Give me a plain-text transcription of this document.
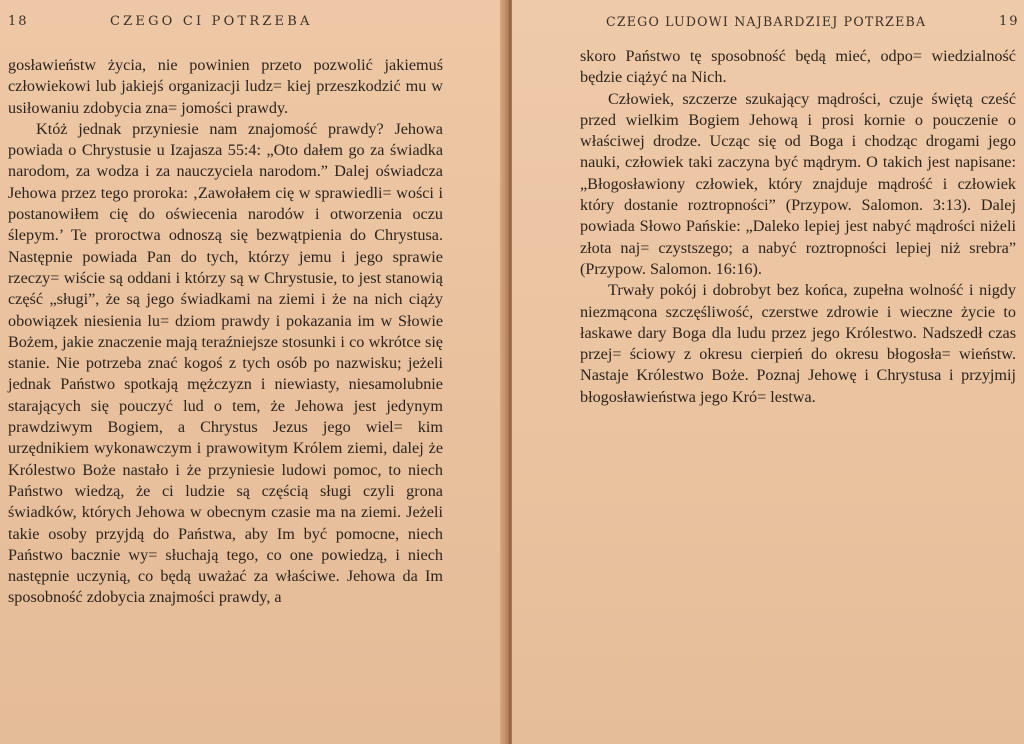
18	CZEGO CI POTRZEBA

gosławieństw życia, nie powinien przeto pozwolić jakiemuś człowiekowi lub jakiejś organizacji ludz= kiej przeszkodzić mu w usiłowaniu zdobycia zna= jomości prawdy.

Któż jednak przyniesie nam znajomość prawdy? Jehowa powiada o Chrystusie u Izajasza 55:4: „Oto dałem go za świadka narodom, za wodza i za nauczyciela narodom.” Dalej oświadcza Jehowa przez tego proroka: ‚Zawołałem cię w sprawiedli= wości i postanowiłem cię do oświecenia narodów i otworzenia oczu ślepym.’ Te proroctwa odnoszą się bezwątpienia do Chrystusa. Następnie powiada Pan do tych, którzy jemu i jego sprawie rzeczy= wiście są oddani i którzy są w Chrystusie, to jest stanowią część „sługi”, że są jego świadkami na ziemi i że na nich ciąży obowiązek niesienia lu= dziom prawdy i pokazania im w Słowie Bożem, jakie znaczenie mają teraźniejsze stosunki i co wkrótce się stanie. Nie potrzeba znać kogoś z tych osób po nazwisku; jeżeli jednak Państwo spotkają mężczyzn i niewiasty, niesamolubnie starających się pouczyć lud o tem, że Jehowa jest jedynym prawdziwym Bogiem, a Chrystus Jezus jego wiel= kim urzędnikiem wykonawczym i prawowitym Królem ziemi, dalej że Królestwo Boże nastało i że przyniesie ludowi pomoc, to niech Państwo wiedzą, że ci ludzie są częścią sługi czyli grona świadków, których Jehowa w obecnym czasie ma na ziemi. Jeżeli takie osoby przyjdą do Państwa, aby Im być pomocne, niech Państwo bacznie wy= słuchają tego, co one powiedzą, i niech następnie uczynią, co będą uważać za właściwe. Jehowa da Im sposobność zdobycia znajmości prawdy, a

CZEGO LUDOWI NAJBARDZIEJ POTRZEBA	19

skoro Państwo tę sposobność będą mieć, odpo= wiedzialność będzie ciążyć na Nich.

Człowiek, szczerze szukający mądrości, czuje świętą cześć przed wielkim Bogiem Jehową i prosi kornie o pouczenie o właściwej drodze. Ucząc się od Boga i chodząc drogami jego nauki, człowiek taki zaczyna być mądrym. O takich jest napisane: „Błogosławiony człowiek, który znajduje mądrość i człowiek który dostanie roztropności” (Przypow. Salomon. 3:13). Dalej powiada Słowo Pańskie: „Daleko lepiej jest nabyć mądrości niżeli złota naj= czystszego; a nabyć roztropności lepiej niż srebra” (Przypow. Salomon. 16:16).

Trwały pokój i dobrobyt bez końca, zupełna wolność i nigdy niezmącona szczęśliwość, czerstwe zdrowie i wieczne życie to łaskawe dary Boga dla ludu przez jego Królestwo. Nadszedł czas przej= ściowy z okresu cierpień do okresu błogosła= wieństw. Nastaje Królestwo Boże. Poznaj Jehowę i Chrystusa i przyjmij błogosławieństwa jego Kró= lestwa.
